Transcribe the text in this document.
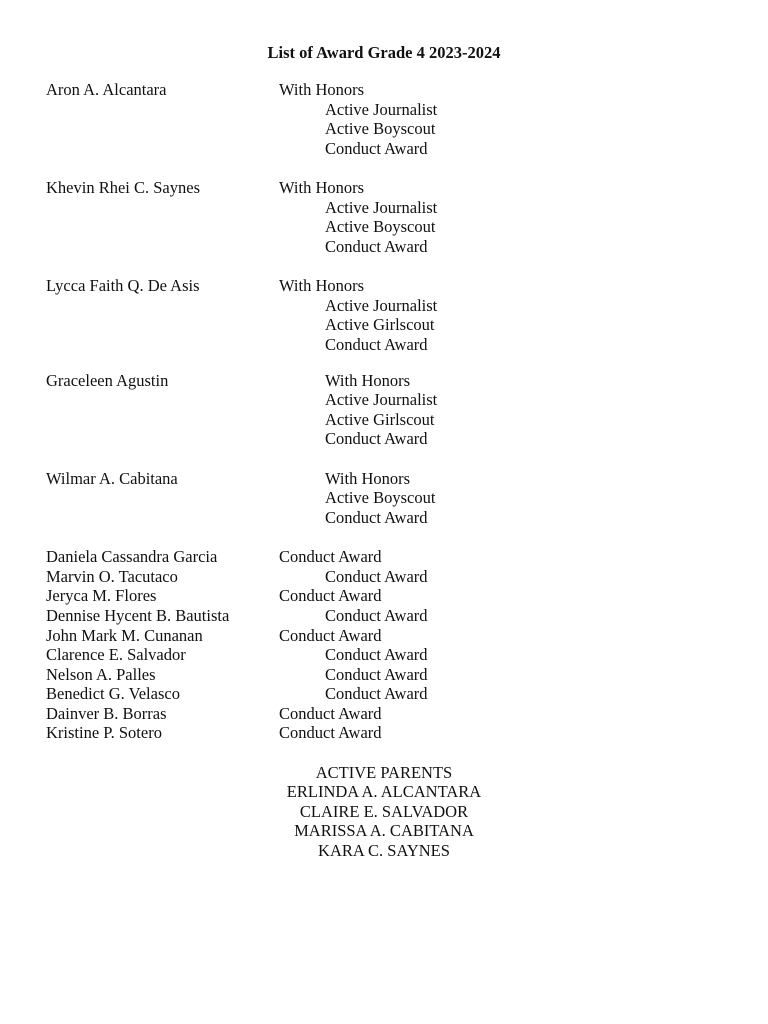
List of Award Grade 4 2023-2024
Aron A. Alcantara	With Honors
Active Journalist
Active Boyscout
Conduct Award
Khevin Rhei C. Saynes	With Honors
Active Journalist
Active Boyscout
Conduct Award
Lycca Faith Q. De Asis	With Honors
Active Journalist
Active Girlscout
Conduct Award
Graceleen Agustin	With Honors
Active Journalist
Active Girlscout
Conduct Award
Wilmar A. Cabitana	With Honors
Active Boyscout
Conduct Award
Daniela Cassandra Garcia	Conduct Award
Marvin O. Tacutaco	Conduct Award
Jeryca M. Flores	Conduct Award
Dennise Hycent B. Bautista	Conduct Award
John Mark M. Cunanan	Conduct Award
Clarence E. Salvador	Conduct Award
Nelson A. Palles	Conduct Award
Benedict G. Velasco	Conduct Award
Dainver B. Borras	Conduct Award
Kristine P. Sotero	Conduct Award
ACTIVE PARENTS
ERLINDA A. ALCANTARA
CLAIRE E. SALVADOR
MARISSA A. CABITANA
KARA C. SAYNES
